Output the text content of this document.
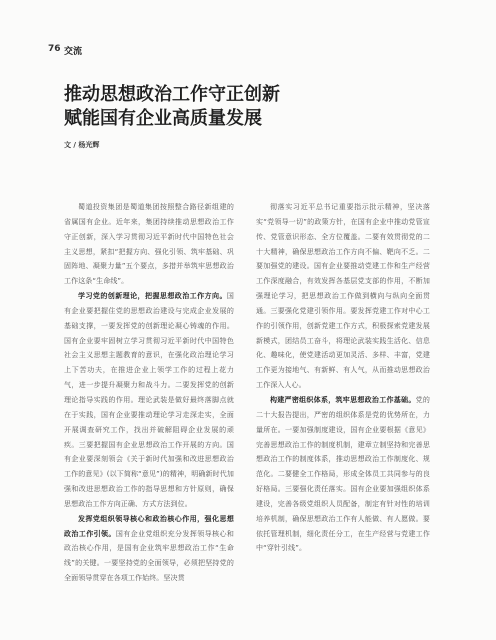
76 交流
推动思想政治工作守正创新
赋能国有企业高质量发展
文 / 杨光辉

蜀道投资集团是蜀道集团按照整合路径新组建的省属国有企业。近年来，集团持续推动思想政治工作守正创新，深入学习贯彻习近平新时代中国特色社会主义思想，紧扣“把握方向、强化引领、筑牢基础、巩固阵地、凝聚力量”五个要点，多措并举筑牢思想政治工作这条“生命线”。

学习党的创新理论，把握思想政治工作方向。国有企业要把握住党的思想政治建设与完成企业发展的基础支撑，一要发挥党的创新理论凝心铸魂的作用。国有企业要牢固树立学习贯彻习近平新时代中国特色社会主义思想主题教育的意识，在强化政治理论学习上下苦功夫，在推进企业上领学工作的过程上花力气，进一步提升凝聚力和战斗力。二要发挥党的创新理论指导实践的作用。理论武装是做好最终落脚点就在于实践，国有企业要推动理论学习走深走实，全面开展调查研究工作，找出并破解阻碍企业发展的顽疾。三要把握国有企业思想政治工作开展的方向。国有企业要深刻领会《关于新时代加强和改进思想政治工作的意见》(以下简称“意见”)的精神，明确新时代加强和改进思想政治工作的指导思想和方针原则，确保思想政治工作方向正确、方式方法到位。

发挥党组织领导核心和政治核心作用，强化思想政治工作引领。国有企业党组织充分发挥领导核心和政治核心作用，是国有企业筑牢思想政治工作“生命线”的关键。一要坚持党的全面领导，必须把坚持党的全面领导贯穿在各项工作始终。坚决贯

彻落实习近平总书记重要指示批示精神，坚决落实“党领导一切”的政策方针，在国有企业中推动党管宣传、党管意识形态、全方位覆盖。二要有效贯彻党的二十大精神，确保思想政治工作方向不偏、靶向不乏。二要加强党的建设。国有企业要推动党建工作和生产经营工作深度融合，有效发挥各基层党支部的作用，不断加强理论学习，把思想政治工作做到横向与纵向全面贯通。三要强化党建引领作用。要发挥党建工作对中心工作的引领作用，创新党建工作方式，积极探索党建发展新模式，团结员工奋斗，将理论武装实践生活化、信息化、趣味化，使党建活动更加灵活、多样、丰富，党建工作更为接地气、有新鲜、有人气，从而推动思想政治工作深入人心。

构建严密组织体系，筑牢思想政治工作基础。党的二十大报告提出，严密的组织体系是党的优势所在，力量所在。一要加强制度建设，国有企业要根据《意见》完善思想政治工作的制度机制，建章立制坚持和完善思想政治工作的制度体系，推动思想政治工作制度化、规范化。二要健全工作格局，形成全体员工共同参与的良好格局。三要强化责任落实。国有企业要加强组织体系建设，完善各级党组织人员配备，制定有针对性的培训培养机制，确保思想政治工作有人能做、有人愿做。要依托管理机制，细化责任分工，在生产经营与党建工作中“穿针引线”。
